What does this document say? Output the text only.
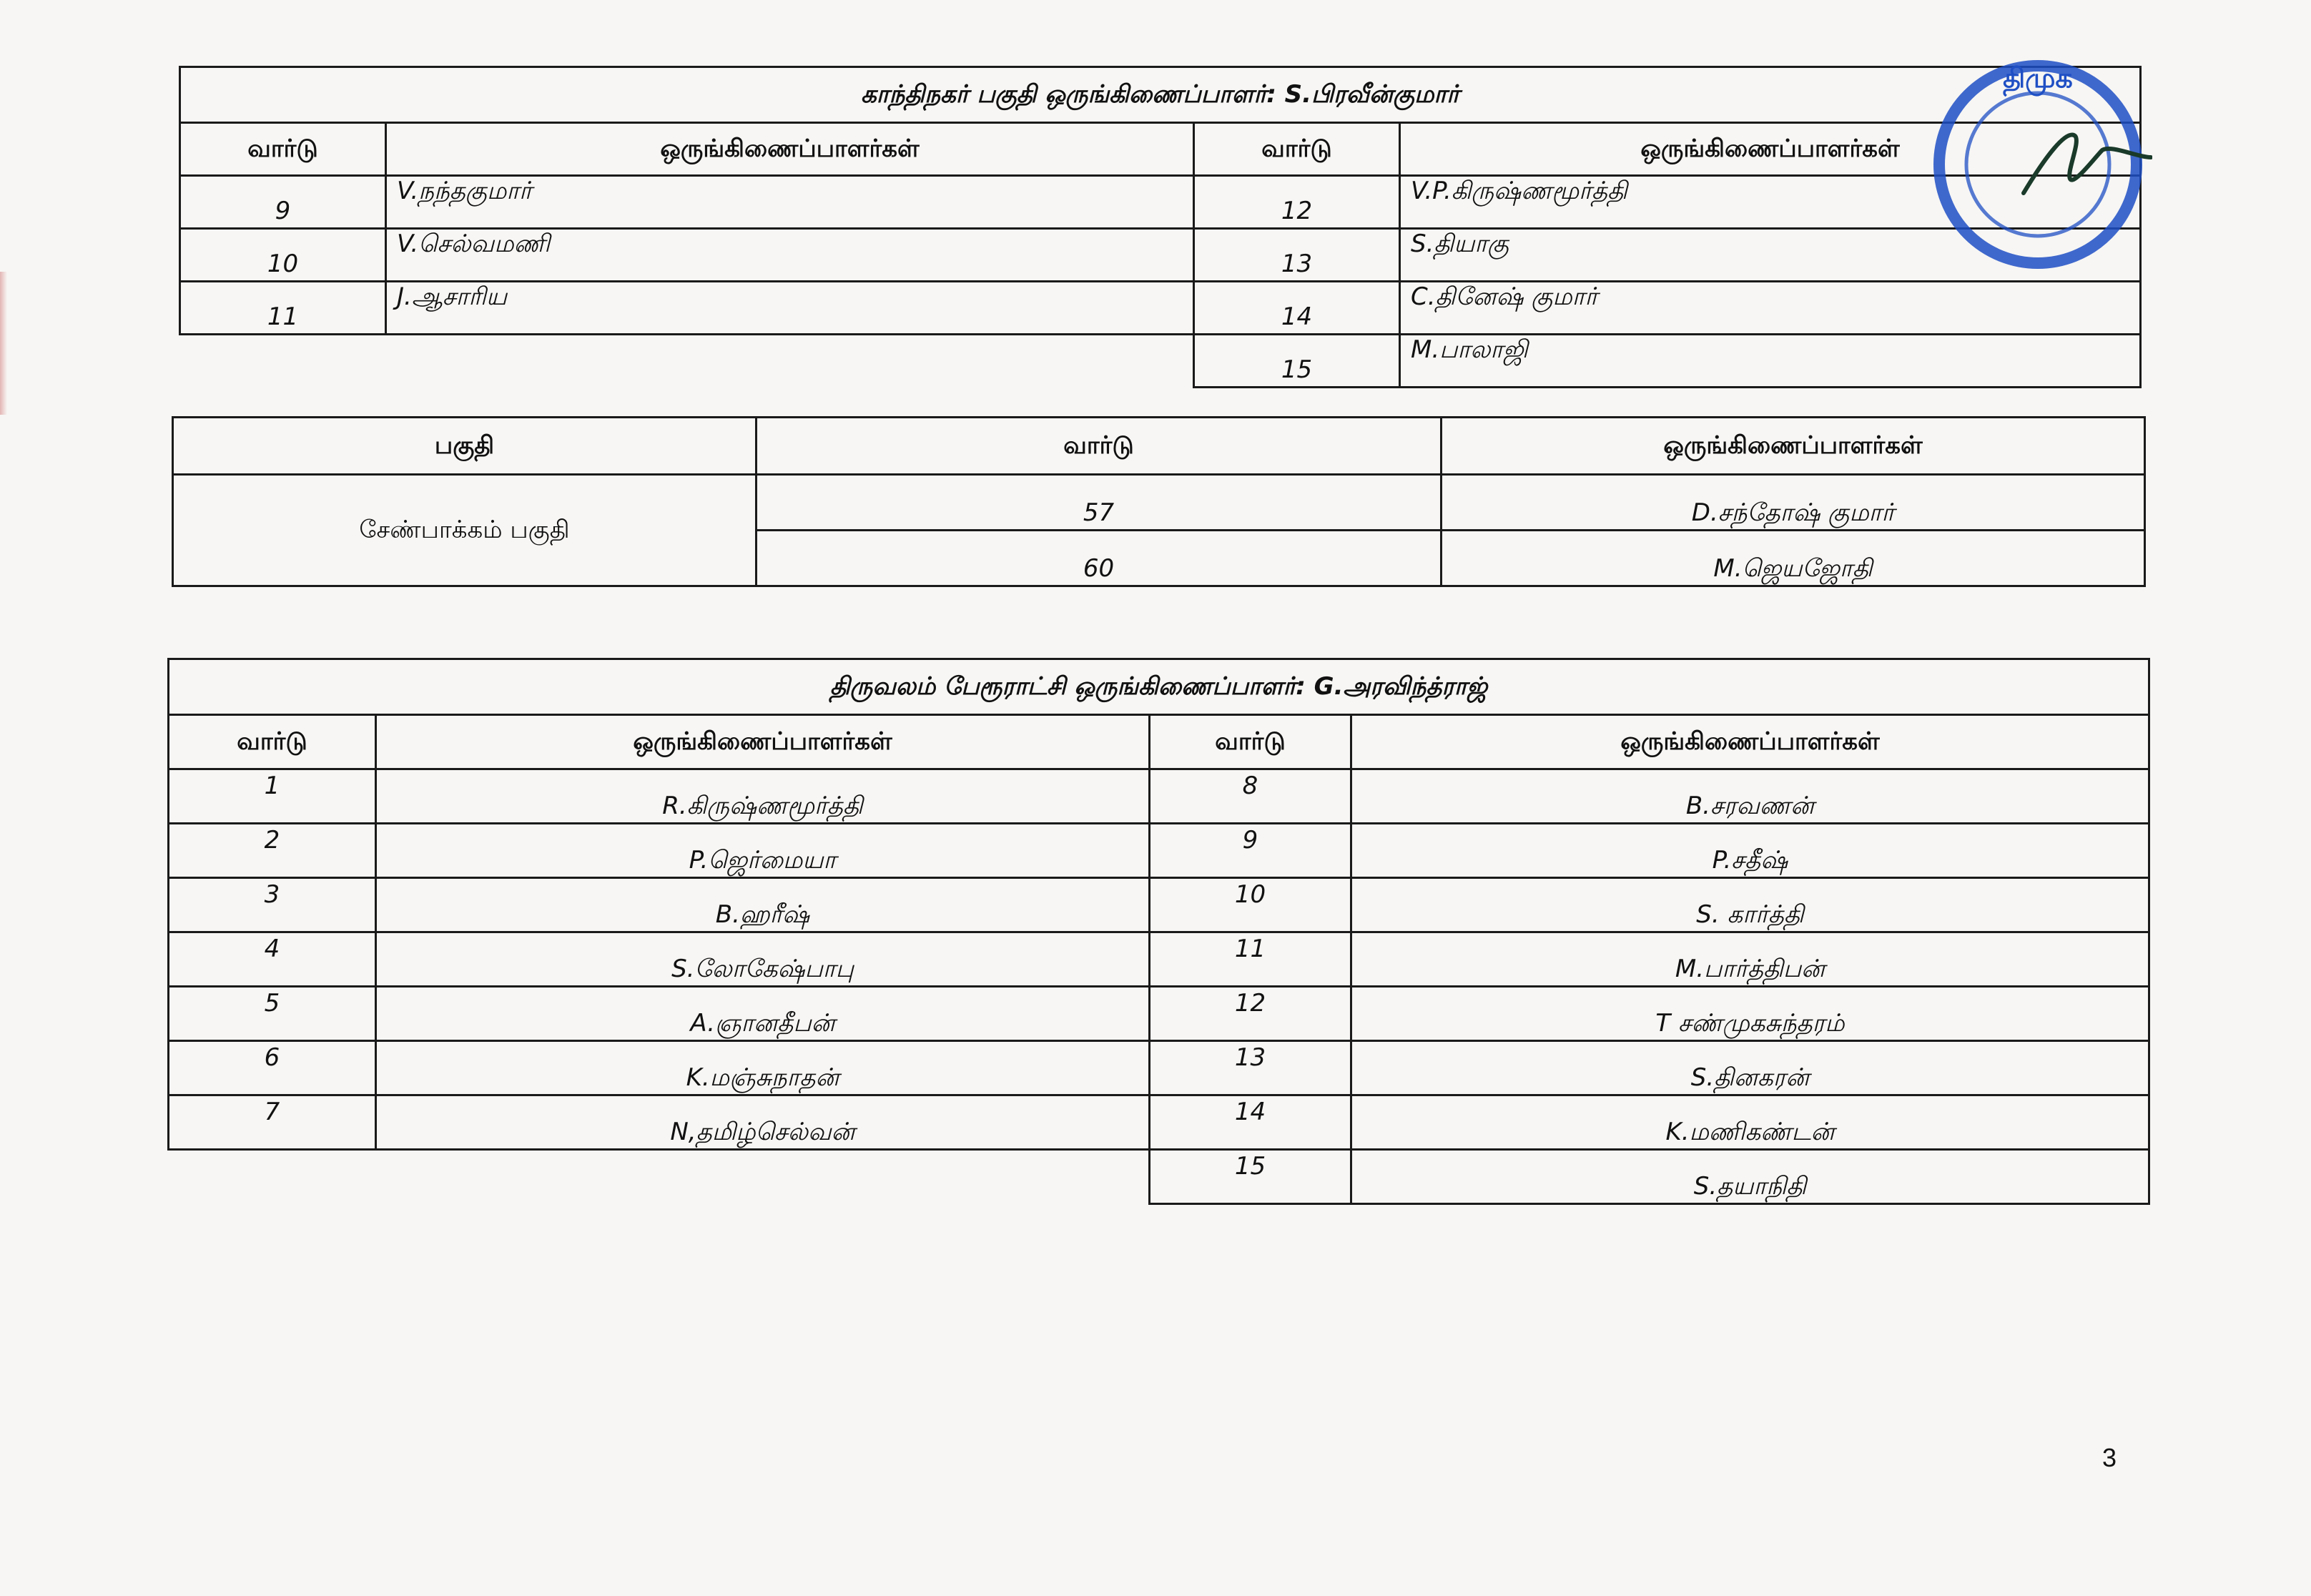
காந்திநகர் பகுதி ஒருங்கிணைப்பாளர்: S.பிரவீன்குமார்			
வார்டு	ஒருங்கிணைப்பாளர்கள்	வார்டு	ஒருங்கிணைப்பாளர்கள்
9	V.நந்தகுமார்	12	V.P.கிருஷ்ணமூர்த்தி
10	V.செல்வமணி	13	S.தியாகு
11	J.ஆசாரிய	14	C.தினேஷ் குமார்
		15	M.பாலாஜி
பகுதி	வார்டு	ஒருங்கிணைப்பாளர்கள்
சேண்பாக்கம் பகுதி	57	D.சந்தோஷ் குமார்
	60	M.ஜெயஜோதி
திருவலம் பேரூராட்சி ஒருங்கிணைப்பாளர்: G.அரவிந்த்ராஜ்			
வார்டு	ஒருங்கிணைப்பாளர்கள்	வார்டு	ஒருங்கிணைப்பாளர்கள்
1	R.கிருஷ்ணமூர்த்தி	8	B.சரவணன்
2	P.ஜெர்மையா	9	P.சதீஷ்
3	B.ஹரீஷ்	10	S. கார்த்தி
4	S.லோகேஷ்பாபு	11	M.பார்த்திபன்
5	A.ஞானதீபன்	12	T சண்முகசுந்தரம்
6	K.மஞ்சுநாதன்	13	S.தினகரன்
7	N,தமிழ்செல்வன்	14	K.மணிகண்டன்
		15	S.தயாநிதி
திமுக
3
